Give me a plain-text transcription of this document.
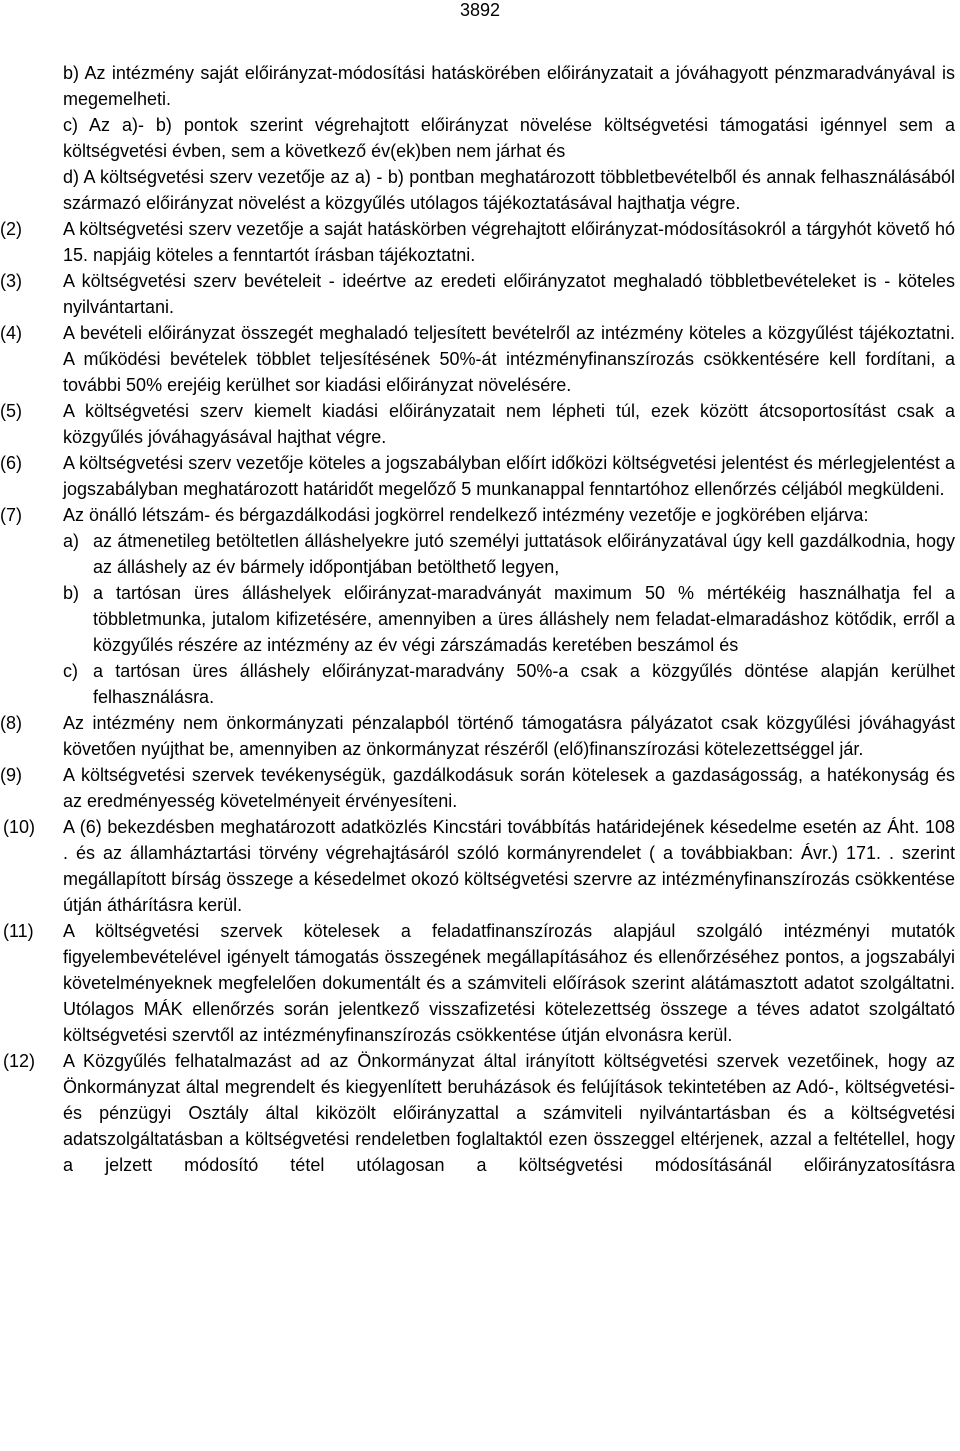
3892
b) Az intézmény saját előirányzat-módosítási hatáskörében előirányzatait a jóváhagyott pénzmaradványával is megemelheti.
c) Az a)- b) pontok szerint végrehajtott előirányzat növelése költségvetési támogatási igénnyel sem a költségvetési évben, sem a következő év(ek)ben nem járhat és
d) A költségvetési szerv vezetője az a) - b) pontban meghatározott többletbevételből és annak felhasználásából származó előirányzat növelést a közgyűlés utólagos tájékoztatásával hajthatja végre.
(2)	A költségvetési szerv vezetője a saját hatáskörben végrehajtott előirányzat-módosításokról a tárgyhót követő hó 15. napjáig köteles a fenntartót írásban tájékoztatni.
(3)	A költségvetési szerv bevételeit - ideértve az eredeti előirányzatot meghaladó többletbevételeket is - köteles nyilvántartani.
(4)	A bevételi előirányzat összegét meghaladó teljesített bevételről az intézmény köteles a közgyűlést tájékoztatni. A működési bevételek többlet teljesítésének 50%-át intézményfinanszírozás csökkentésére kell fordítani, a további 50% erejéig kerülhet sor kiadási előirányzat növelésére.
(5)	A költségvetési szerv kiemelt kiadási előirányzatait nem lépheti túl, ezek között átcsoportosítást csak a közgyűlés jóváhagyásával hajthat végre.
(6)	A költségvetési szerv vezetője köteles a jogszabályban előírt időközi költségvetési jelentést és mérlegjelentést a jogszabályban meghatározott határidőt megelőző 5 munkanappal fenntartóhoz ellenőrzés céljából megküldeni.
(7)	Az önálló létszám- és bérgazdálkodási jogkörrel rendelkező intézmény vezetője e jogkörében eljárva:
a) az átmenetileg betöltetlen álláshelyekre jutó személyi juttatások előirányzatával úgy kell gazdálkodnia, hogy az álláshely az év bármely időpontjában betölthető legyen,
b) a tartósan üres álláshelyek előirányzat-maradványát maximum 50 % mértékéig használhatja fel a többletmunka, jutalom kifizetésére, amennyiben a üres álláshely nem feladat-elmaradáshoz kötődik, erről a közgyűlés részére az intézmény az év végi zárszámadás keretében beszámol és
c) a tartósan üres álláshely előirányzat-maradvány 50%-a csak a közgyűlés döntése alapján kerülhet felhasználásra.
(8)	Az intézmény nem önkormányzati pénzalapból történő támogatásra pályázatot csak közgyűlési jóváhagyást követően nyújthat be, amennyiben az önkormányzat részéről (elő)finanszírozási kötelezettséggel jár.
(9)	A költségvetési szervek tevékenységük, gazdálkodásuk során kötelesek a gazdaságosság, a hatékonyság és az eredményesség követelményeit érvényesíteni.
(10)	A (6) bekezdésben meghatározott adatközlés Kincstári továbbítás határidejének késedelme esetén az Áht. 108 . és az államháztartási törvény végrehajtásáról szóló kormányrendelet ( a továbbiakban: Ávr.) 171. . szerint megállapított bírság összege a késedelmet okozó költségvetési szervre az intézményfinanszírozás csökkentése útján áthárításra kerül.
(11)	A költségvetési szervek kötelesek a feladatfinanszírozás alapjául szolgáló intézményi mutatók figyelembevételével igényelt támogatás összegének megállapításához és ellenőrzéséhez pontos, a jogszabályi követelményeknek megfelelően dokumentált és a számviteli előírások szerint alátámasztott adatot szolgáltatni. Utólagos MÁK ellenőrzés során jelentkező visszafizetési kötelezettség összege a téves adatot szolgáltató költségvetési szervtől az intézményfinanszírozás csökkentése útján elvonásra kerül.
(12)	A Közgyűlés felhatalmazást ad az Önkormányzat által irányított költségvetési szervek vezetőinek, hogy az Önkormányzat által megrendelt és kiegyenlített beruházások és felújítások tekintetében az Adó-, költségvetési- és pénzügyi Osztály által kiközölt előirányzattal a számviteli nyilvántartásban és a költségvetési adatszolgáltatásban a költségvetési rendeletben foglaltaktól ezen összeggel eltérjenek, azzal a feltétellel, hogy a jelzett módosító tétel utólagosan a költségvetési módosításánál előirányzatosításra
